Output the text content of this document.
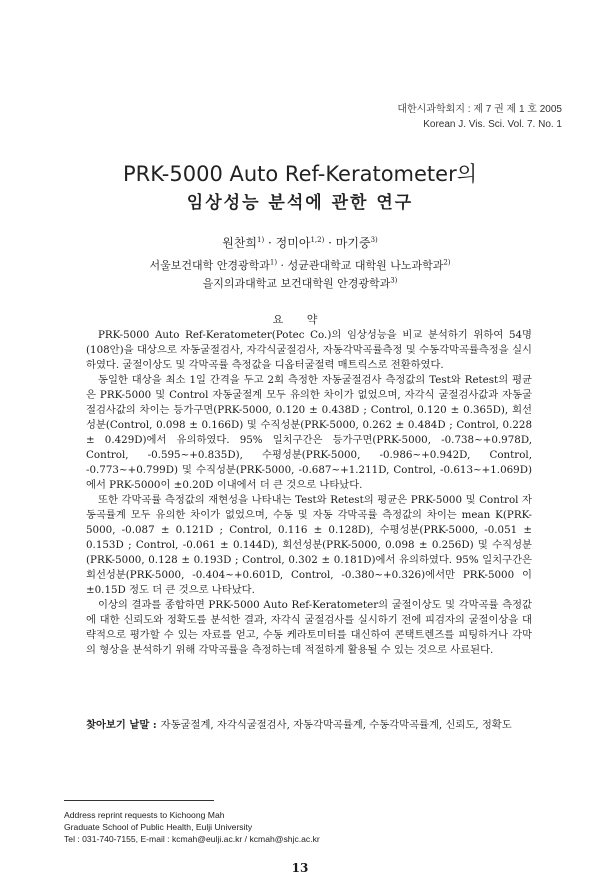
대한시과학회지 : 제 7 권 제 1 호 2005
Korean J. Vis. Sci. Vol. 7. No. 1
PRK-5000 Auto Ref-Keratometer의
임상성능 분석에 관한 연구
원찬희$^{1)}$ · 정미아$^{1,2)}$ · 마기중$^{3)}$
서울보건대학 안경광학과$^{1)}$ · 성균관대학교 대학원 나노과학과$^{2)}$
을지의과대학교 보건대학원 안경광학과$^{3)}$
요 약

PRK-5000 Auto Ref-Keratometer(Potec Co.)의 임상성능을 비교 분석하기 위하여 54명(108안)을 대상으로 자동굴절검사, 자각식굴절검사, 자동각막곡률측정 및 수동각막곡률측정을 실시하였다. 굴절이상도 및 각막곡률 측정값을 디옵터굴절력 매트릭스로 전환하였다.

동일한 대상을 최소 1일 간격을 두고 2회 측정한 자동굴절검사 측정값의 Test와 Retest의 평균은 PRK-5000 및 Control 자동굴절계 모두 유의한 차이가 없었으며, 자각식 굴절검사값과 자동굴절검사값의 차이는 등가구면(PRK-5000, 0.120 ± 0.438D ; Control, 0.120 ± 0.365D), 회선성분(Control, 0.098 ± 0.166D) 및 수직성분(PRK-5000, 0.262 ± 0.484D ; Control, 0.228 ± 0.429D)에서 유의하였다. 95% 일치구간은 등가구면(PRK-5000, -0.738~+0.978D, Control, -0.595~+0.835D), 수평성분(PRK-5000, -0.986~+0.942D, Control, -0.773~+0.799D) 및 수직성분(PRK-5000, -0.687~+1.211D, Control, -0.613~+1.069D)에서 PRK-5000이 ±0.20D 이내에서 더 큰 것으로 나타났다.

또한 각막곡률 측정값의 재현성을 나타내는 Test와 Retest의 평균은 PRK-5000 및 Control 자동곡률계 모두 유의한 차이가 없었으며, 수동 및 자동 각막곡률 측정값의 차이는 mean K(PRK-5000, -0.087 ± 0.121D ; Control, 0.116 ± 0.128D), 수평성분(PRK-5000, -0.051 ± 0.153D ; Control, -0.061 ± 0.144D), 회선성분(PRK-5000, 0.098 ± 0.256D) 및 수직성분(PRK-5000, 0.128 ± 0.193D ; Control, 0.302 ± 0.181D)에서 유의하였다. 95% 일치구간은 회선성분(PRK-5000, -0.404~+0.601D, Control, -0.380~+0.326)에서만 PRK-5000 이 ±0.15D 정도 더 큰 것으로 나타났다.

이상의 결과를 종합하면 PRK-5000 Auto Ref-Keratometer의 굴절이상도 및 각막곡률 측정값에 대한 신뢰도와 정확도를 분석한 결과, 자각식 굴절검사를 실시하기 전에 피검자의 굴절이상을 대략적으로 평가할 수 있는 자료를 얻고, 수동 케라토미터를 대신하여 콘택트렌즈를 피팅하거나 각막의 형상을 분석하기 위해 각막곡률을 측정하는데 적절하게 활용될 수 있는 것으로 사료된다.

찾아보기 낱말 : 자동굴절계, 자각식굴절검사, 자동각막곡률계, 수동각막곡률계, 신뢰도, 정확도
Address reprint requests to Kichoong Mah
Graduate School of Public Health, Eulji University
Tel : 031-740-7155, E-mail : kcmah@eulji.ac.kr / kcmah@shjc.ac.kr
13
